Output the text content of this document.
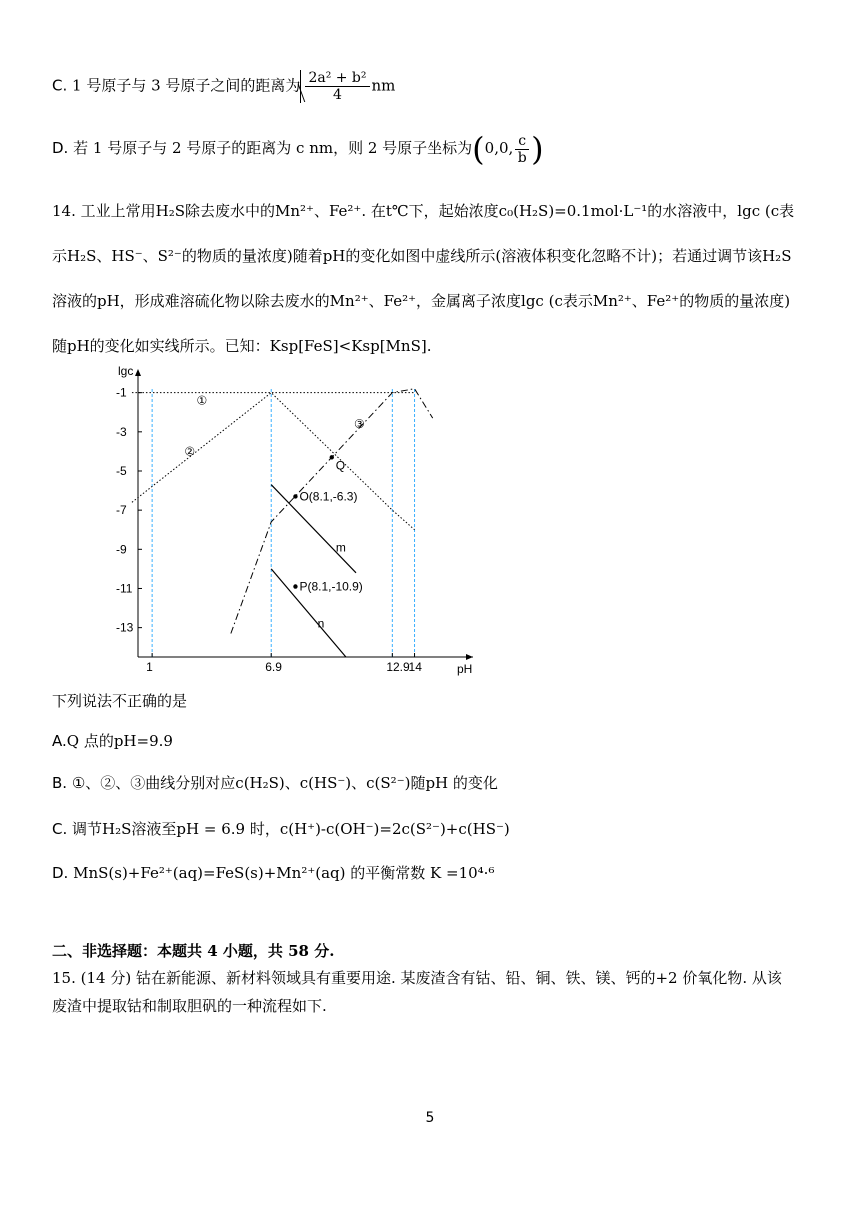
C. 1 号原子与 3 号原子之间的距离为 $\frac{\text{2a² + b²}}{4}$ nm
D. 若 1 号原子与 2 号原子的距离为 c nm，则 2 号原子坐标为(0,0, $\frac{c}{b}$ )
14. 工业上常用H₂S除去废水中的Mn²⁺、Fe²⁺. 在t℃下，起始浓度c₀(H₂S)=0.1mol·L⁻¹的水溶液中，lgc (c表
示H₂S、HS⁻、S²⁻的物质的量浓度)随着pH的变化如图中虚线所示(溶液体积变化忽略不计)；若通过调节该H₂S
溶液的pH，形成难溶硫化物以除去废水的Mn²⁺、Fe²⁺，金属离子浓度lgc (c表示Mn²⁺、Fe²⁺的物质的量浓度)
随pH的变化如实线所示。已知：Ksp[FeS]<Ksp[MnS].
pH
lgc
1	6.9	12.9
14
-1
-3
-5
-7
-9
-11
-13
Q
O(8.1,-6.3)
P(8.1,-10.9)
①
②
③
m
n
下列说法不正确的是
A.Q 点的pH=9.9
B. ①、②、③曲线分别对应c(H₂S)、c(HS⁻)、c(S²⁻)随pH 的变化
C. 调节H₂S溶液至pH = 6.9 时，c(H⁺)-c(OH⁻)=2c(S²⁻)+c(HS⁻)
D. MnS(s)+Fe²⁺(aq)=FeS(s)+Mn²⁺(aq) 的平衡常数 K =10⁴·⁶
二、非选择题：本题共 4 小题，共 58 分.
15. (14 分) 钴在新能源、新材料领域具有重要用途. 某废渣含有钴、铅、铜、铁、镁、钙的+2 价氧化物. 从该
废渣中提取钴和制取胆矾的一种流程如下.
5
